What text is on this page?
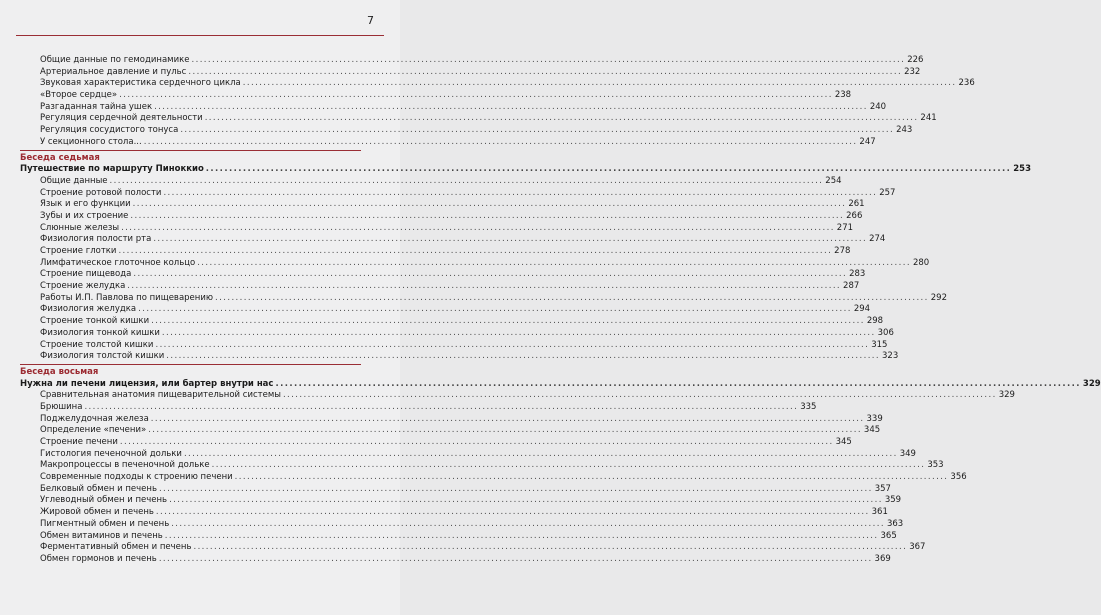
7
Общие данные по гемодинамике .....	226
Артериальное давление и пульс .....	232
Звуковая характеристика сердечного цикла .....	236
«Второе сердце» .....	238
Разгаданная тайна ушек .....	240
Регуляция сердечной деятельности .....	241
Регуляция сосудистого тонуса .....	243
У секционного стола... .....	247
Беседа седьмая
Путешествие по маршруту Пиноккио .....	253
Общие данные .....	254
Строение ротовой полости .....	257
Язык и его функции .....	261
Зубы и их строение .....	266
Слюнные железы .....	271
Физиология полости рта .....	274
Строение глотки .....	278
Лимфатическое глоточное кольцо .....	280
Строение пищевода .....	283
Строение желудка .....	287
Работы И.П. Павлова по пищеварению .....	292
Физиология желудка .....	294
Строение тонкой кишки .....	298
Физиология тонкой кишки .....	306
Строение толстой кишки .....	315
Физиология толстой кишки .....	323
Беседа восьмая
Нужна ли печени лицензия, или бартер внутри нас .....	329
Сравнительная анатомия пищеварительной системы .....	329
Брюшина .....	335
Поджелудочная железа .....	339
Определение «печени» .....	345
Строение печени .....	345
Гистология печеночной дольки .....	349
Макропроцессы в печеночной дольке .....	353
Современные подходы к строению печени .....	356
Белковый обмен и печень .....	357
Углеводный обмен и печень .....	359
Жировой обмен и печень .....	361
Пигментный обмен и печень .....	363
Обмен витаминов и печень .....	365
Ферментативный обмен и печень .....	367
Обмен гормонов и печень .....	369
